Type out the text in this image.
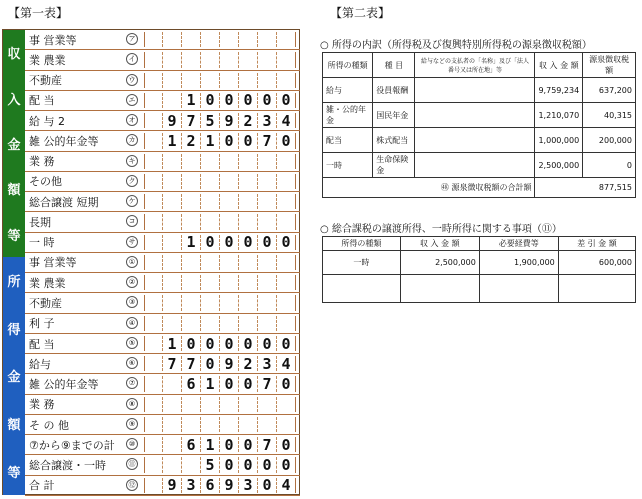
【第一表】	【第二表】
収
入
金
額
等
所
得
金
額
等
事 営業等	ア
業 農業	イ
不動産	ウ
配 当	エ	1 0 0 0 0 0
給 与 2	オ 9 7 5 9 2 3 4
雑 公的年金等	カ 1 2 1 0 0 7 0
業 務	キ
その他	ク
総合譲渡 短期	ケ
長期	コ
一 時	サ	1 0 0 0 0 0
事 営業等	①
業 農業	②
不動産	③
利 子	④
配 当	⑤ 1 0 0 0 0 0 0
給与	⑥ 7 7 0 9 2 3 4
雑 公的年金等	⑦	6 1 0 0 7 0
業 務	⑧
そ の 他	⑨
⑦から⑨までの計	⑩	6 1 0 0 7 0
総合譲渡・一時	⑪	5 0 0 0 0
合 計	⑫ 9 3 6 9 3 0 4
○ 所得の内訳（所得税及び復興特別所得税の源泉徴収税額）
所得の種類	種 目	給与などの支払者の「名称」及び「法人番号又は所在地」等	収 入 金 額	源泉徴収税額
給与	役員報酬		9,759,234	637,200
雑・公的年金	国民年金		1,210,070	40,315
配当	株式配当		1,000,000	200,000
一時	生命保険金		2,500,000	0
㊽ 源泉徴収税額の合計額			877,515	
○ 総合課税の譲渡所得、一時所得に関する事項（⑪）
所得の種類	収 入 金 額	必要経費等	差 引 金 額
一時	2,500,000	1,900,000	600,000
